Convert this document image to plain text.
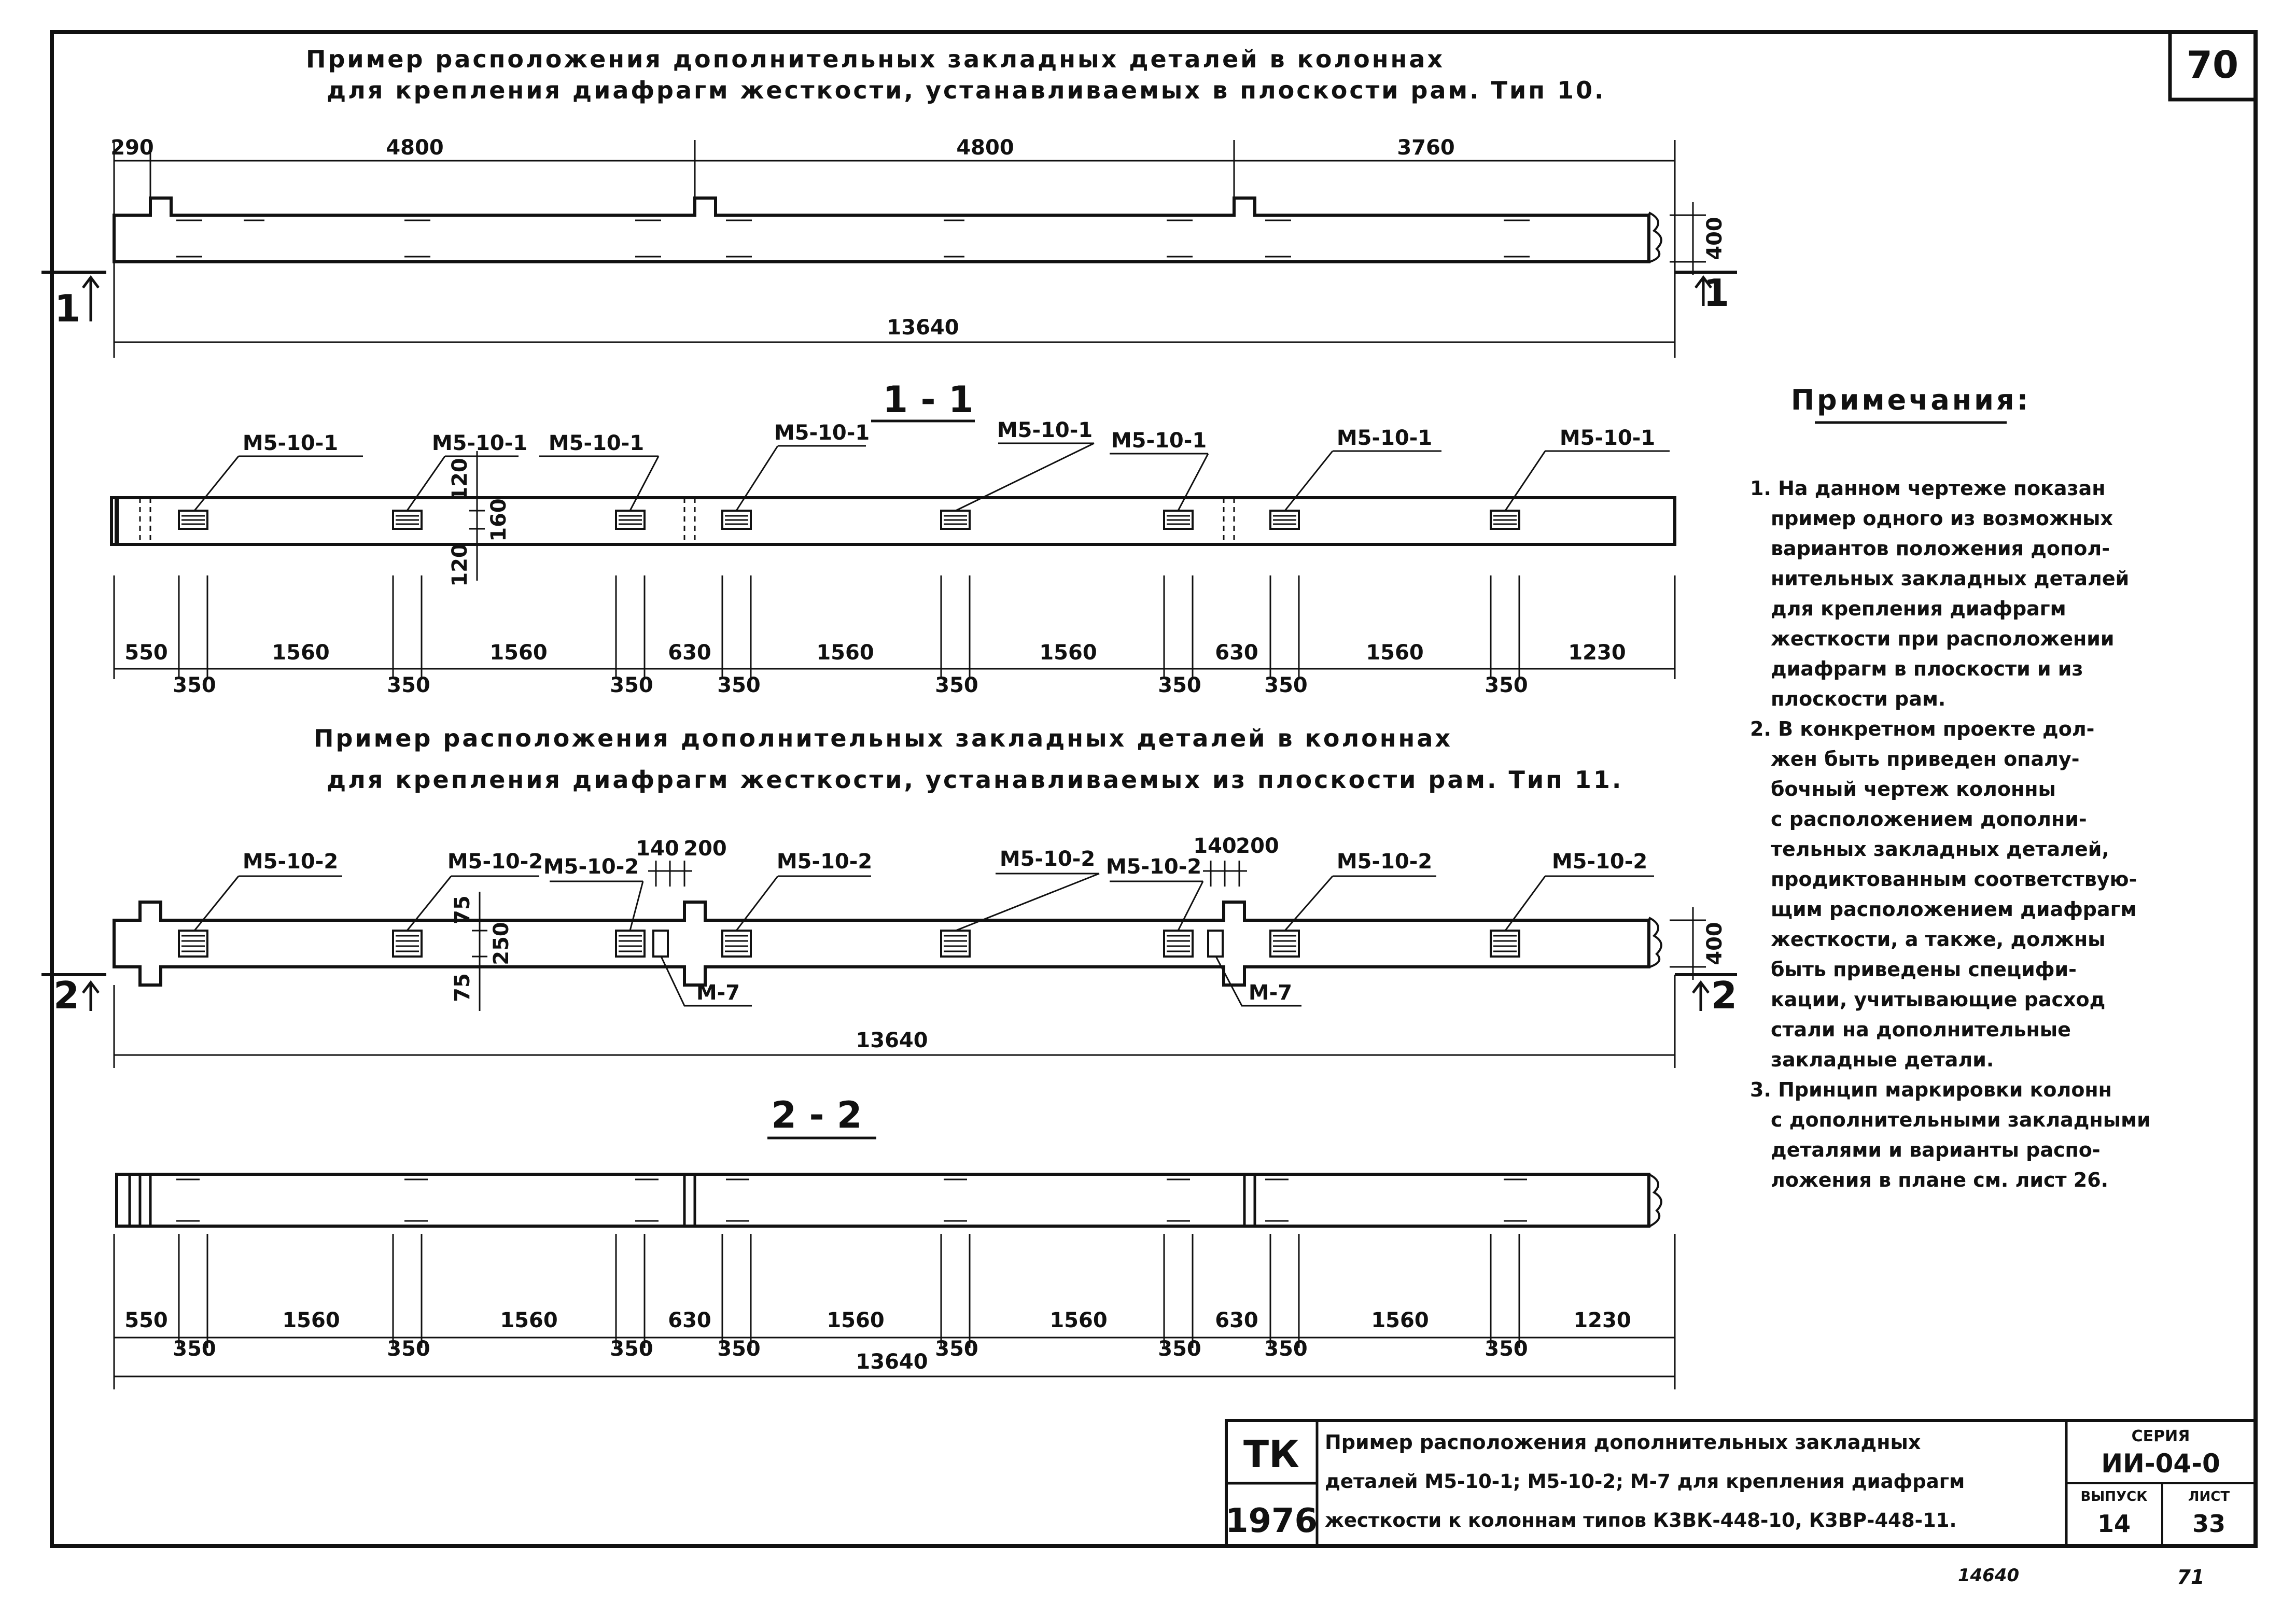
70
Пример расположения дополнительных закладных деталей в колоннах
для крепления диафрагм жесткости, устанавливаемых в плоскости рам. Тип 10.
290	4800	4800	3760
400
13640
1	1
1 - 1
М5-10-1	М5-10-1 М5-10-1	М5-10-1	М5-10-1 М5-10-1	М5-10-1	М5-10-1
120
160
120
550	1560	1560	630	1560	1560	630	1560	1230
350	350	350	350	350	350	350	350
Пример расположения дополнительных закладных деталей в колоннах
для крепления диафрагм жесткости, устанавливаемых из плоскости рам. Тип 11.
400
М5-10-2	М5-10-2 М5-10-2	М5-10-2	М5-10-2 М5-10-2	М5-10-2	М5-10-2
М-7	М-7
140 200	140
200
75
250
75
13640
2	2
2 - 2
550	1560	1560	630	1560	1560	630	1560	1230
350	350	350	350	350	350	350	350
13640
Примечания:
1. На данном чертеже показан
пример одного из возможных
вариантов положения допол-
нительных закладных деталей
для крепления диафрагм
жесткости при расположении
диафрагм в плоскости и из
плоскости рам.
2. В конкретном проекте дол-
жен быть приведен опалу-
бочный чертеж колонны
с расположением дополни-
тельных закладных деталей,
продиктованным соответствую-
щим расположением диафрагм
жесткости, а также, должны
быть приведены специфи-
кации, учитывающие расход
стали на дополнительные
закладные детали.
3. Принцип маркировки колонн
с дополнительными закладными
деталями и варианты распо-
ложения в плане см. лист 26.
ТК
1976
Пример расположения дополнительных закладных
деталей М5-10-1; М5-10-2; М-7 для крепления диафрагм
жесткости к колоннам типов К3ВК-448-10, К3ВР-448-11.
СЕРИЯ
ИИ-04-0
ВЫПУСК
14
ЛИСТ
33
14640	71
